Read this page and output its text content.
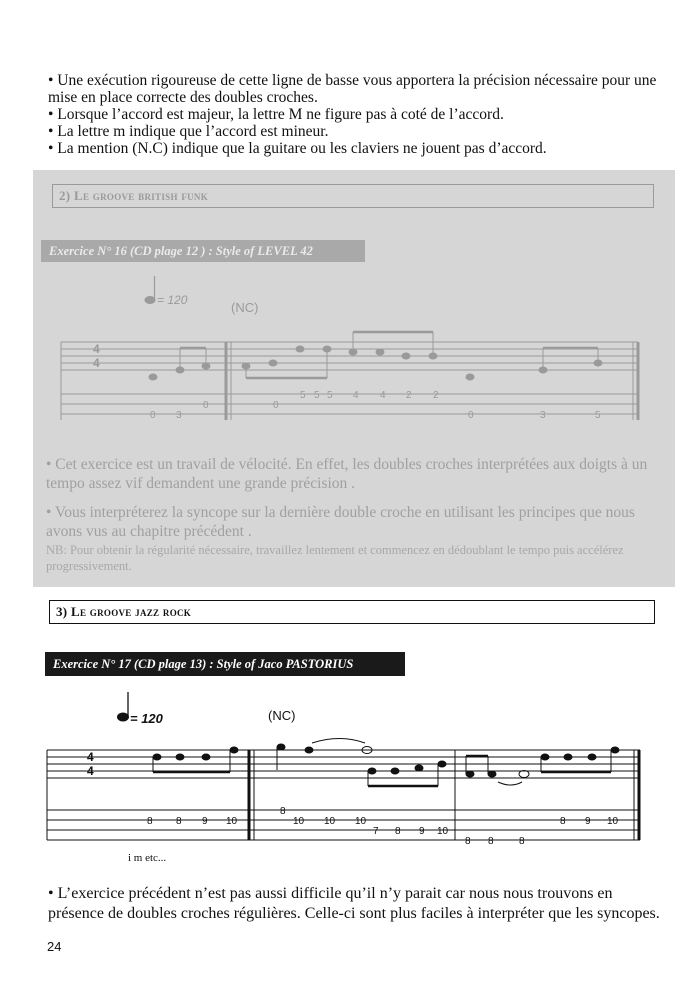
• Une exécution rigoureuse de cette ligne de basse vous apportera la précision nécessaire pour une mise en place correcte des doubles croches.
• Lorsque l’accord est majeur, la lettre M ne figure pas à coté de l’accord.
• La lettre m indique que l’accord est mineur.
• La mention (N.C) indique que la guitare ou les claviers ne jouent pas d’accord.
2) Le groove british funk
Exercice N° 16 (CD plage 12 ) : Style of LEVEL 42
= 120	(NC)
4
4
0 3
0	0
5 5 5 4 4 2 2
0	3	5
• Cet exercice est un travail de vélocité. En effet, les doubles croches interprétées aux doigts à un tempo assez vif demandent une grande précision .
• Vous interpréterez la syncope sur la dernière double croche en utilisant les principes que nous avons vus au chapitre précédent .
NB: Pour obtenir la régularité nécessaire, travaillez lentement et commencez en dédoublant le tempo puis accélérez progressivement.
3) Le groove jazz rock
Exercice N° 17 (CD plage 13) : Style of Jaco PASTORIUS
= 120	(NC)
4
4
8 8 9 10
8
10 10 10
7 8 9 10
8 8	8
8 9 10
i m etc...
• L’exercice précédent n’est pas aussi difficile qu’il n’y parait car nous nous trouvons en présence de doubles croches régulières. Celle-ci sont plus faciles à interpréter que les syncopes.
24
